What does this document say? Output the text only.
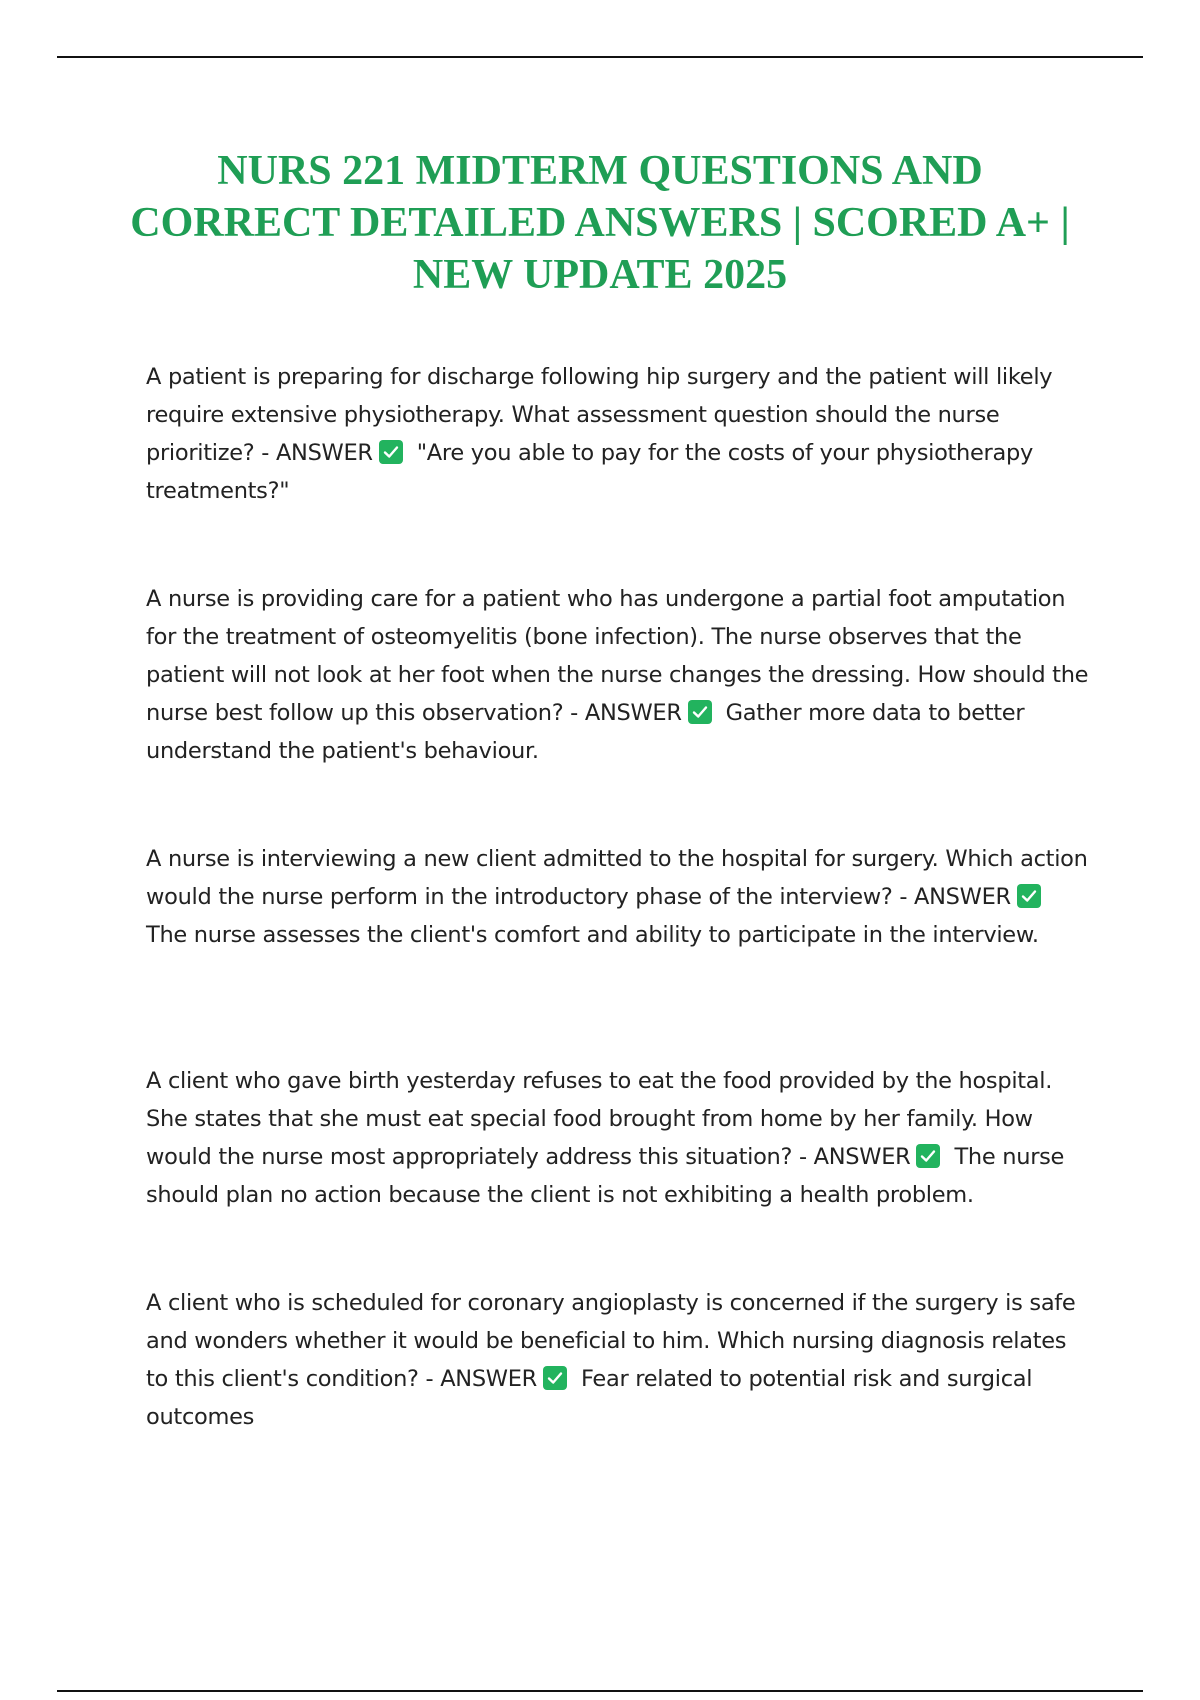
NURS 221 MIDTERM QUESTIONS AND CORRECT DETAILED ANSWERS | SCORED A+ | NEW UPDATE 2025

A patient is preparing for discharge following hip surgery and the patient will likely require extensive physiotherapy. What assessment question should the nurse prioritize? - ANSWER "Are you able to pay for the costs of your physiotherapy treatments?"

A nurse is providing care for a patient who has undergone a partial foot amputation for the treatment of osteomyelitis (bone infection). The nurse observes that the patient will not look at her foot when the nurse changes the dressing. How should the nurse best follow up this observation? - ANSWER Gather more data to better understand the patient's behaviour.

A nurse is interviewing a new client admitted to the hospital for surgery. Which action would the nurse perform in the introductory phase of the interview? - ANSWER
The nurse assesses the client's comfort and ability to participate in the interview.

A client who gave birth yesterday refuses to eat the food provided by the hospital. She states that she must eat special food brought from home by her family. How would the nurse most appropriately address this situation? - ANSWER The nurse should plan no action because the client is not exhibiting a health problem.

A client who is scheduled for coronary angioplasty is concerned if the surgery is safe and wonders whether it would be beneficial to him. Which nursing diagnosis relates to this client's condition? - ANSWER Fear related to potential risk and surgical outcomes
